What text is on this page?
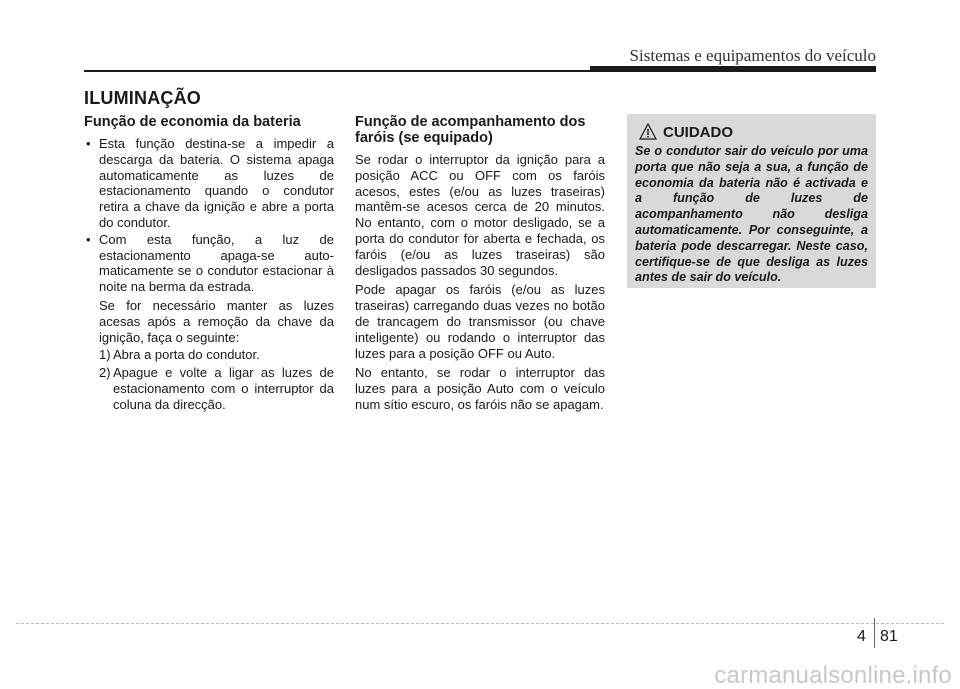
Sistemas e equipamentos do veículo
ILUMINAÇÃO
Função de economia da bateria
• Esta função destina-se a impedir a descarga da bateria. O sistema apaga automaticamente as luzes de estacionamento quando o condutor retira a chave da ignição e abre a porta do condutor.
• Com esta função, a luz de estacionamento apaga-se auto-maticamente se o condutor estacionar à noite na berma da estrada.
Se for necessário manter as luzes acesas após a remoção da chave da ignição, faça o seguinte:
1) Abra a porta do condutor.
2) Apague e volte a ligar as luzes de estacionamento com o interruptor da coluna da direcção.
Função de acompanhamento dos faróis (se equipado)

Se rodar o interruptor da ignição para a posição ACC ou OFF com os faróis acesos, estes (e/ou as luzes traseiras) mantêm-se acesos cerca de 20 minutos. No entanto, com o motor desligado, se a porta do condutor for aberta e fechada, os faróis (e/ou as luzes traseiras) são desligados passados 30 segundos.

Pode apagar os faróis (e/ou as luzes traseiras) carregando duas vezes no botão de trancagem do transmissor (ou chave inteligente) ou rodando o interruptor das luzes para a posição OFF ou Auto.

No entanto, se rodar o interruptor das luzes para a posição Auto com o veículo num sítio escuro, os faróis não se apagam.

CUIDADO
Se o condutor sair do veículo por uma porta que não seja a sua, a função de economia da bateria não é activada e a função de luzes de acompanhamento não desliga automaticamente. Por conseguinte, a bateria pode descarregar. Neste caso, certifique-se de que desliga as luzes antes de sair do veículo.
4 81
carmanualsonline.info
